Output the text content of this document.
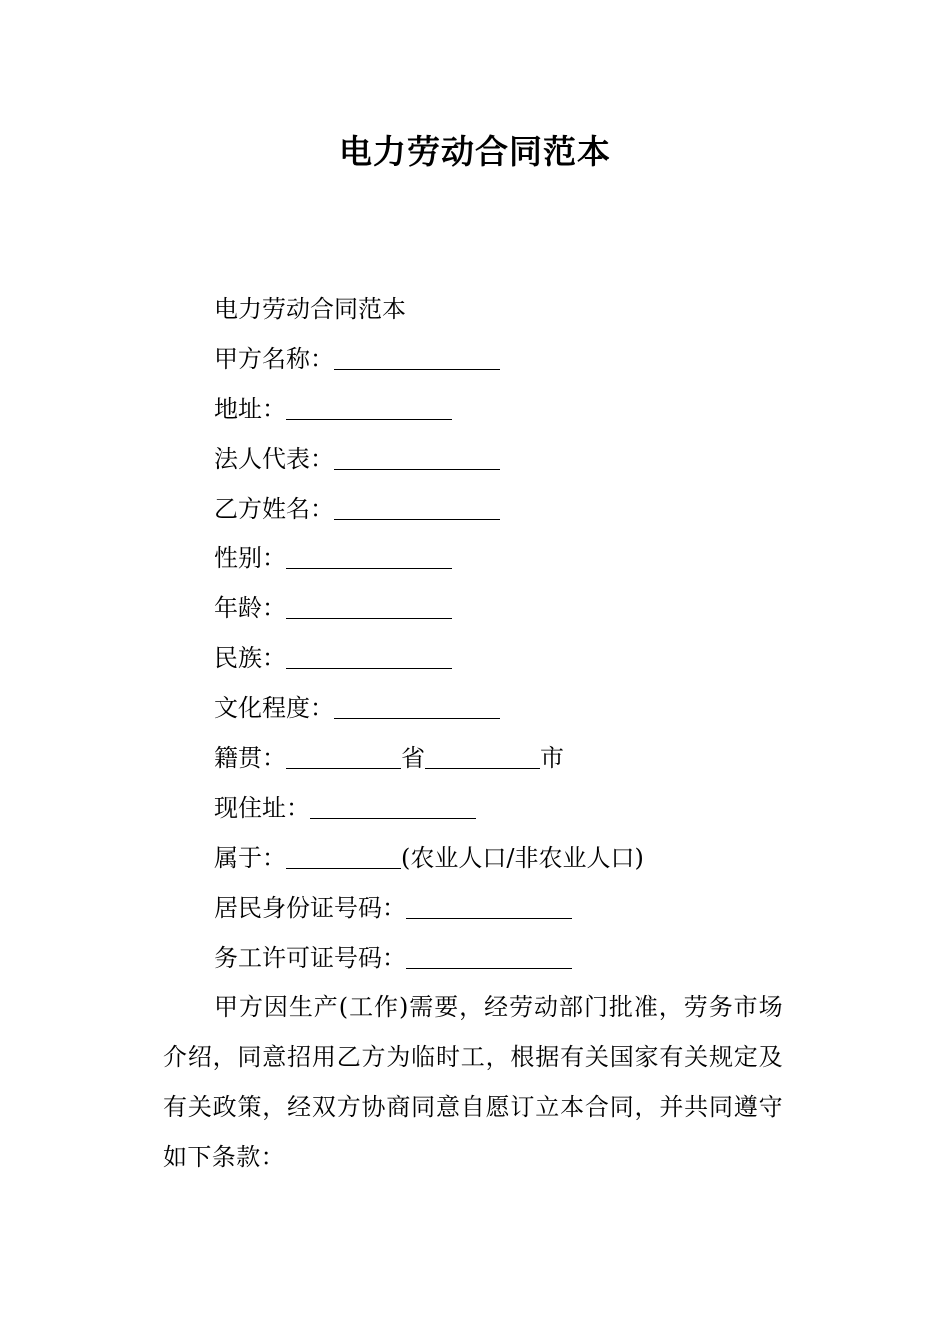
电力劳动合同范本

电力劳动合同范本

甲方名称：

地址：

法人代表：

乙方姓名：

性别：

年龄：

民族：

文化程度：

籍贯：	省	市

现住址：

属于：	(农业人口/非农业人口)

居民身份证号码：

务工许可证号码：

甲方因生产(工作)需要，经劳动部门批准，劳务市场介绍，同意招用乙方为临时工，根据有关国家有关规定及有关政策，经双方协商同意自愿订立本合同，并共同遵守如下条款：
